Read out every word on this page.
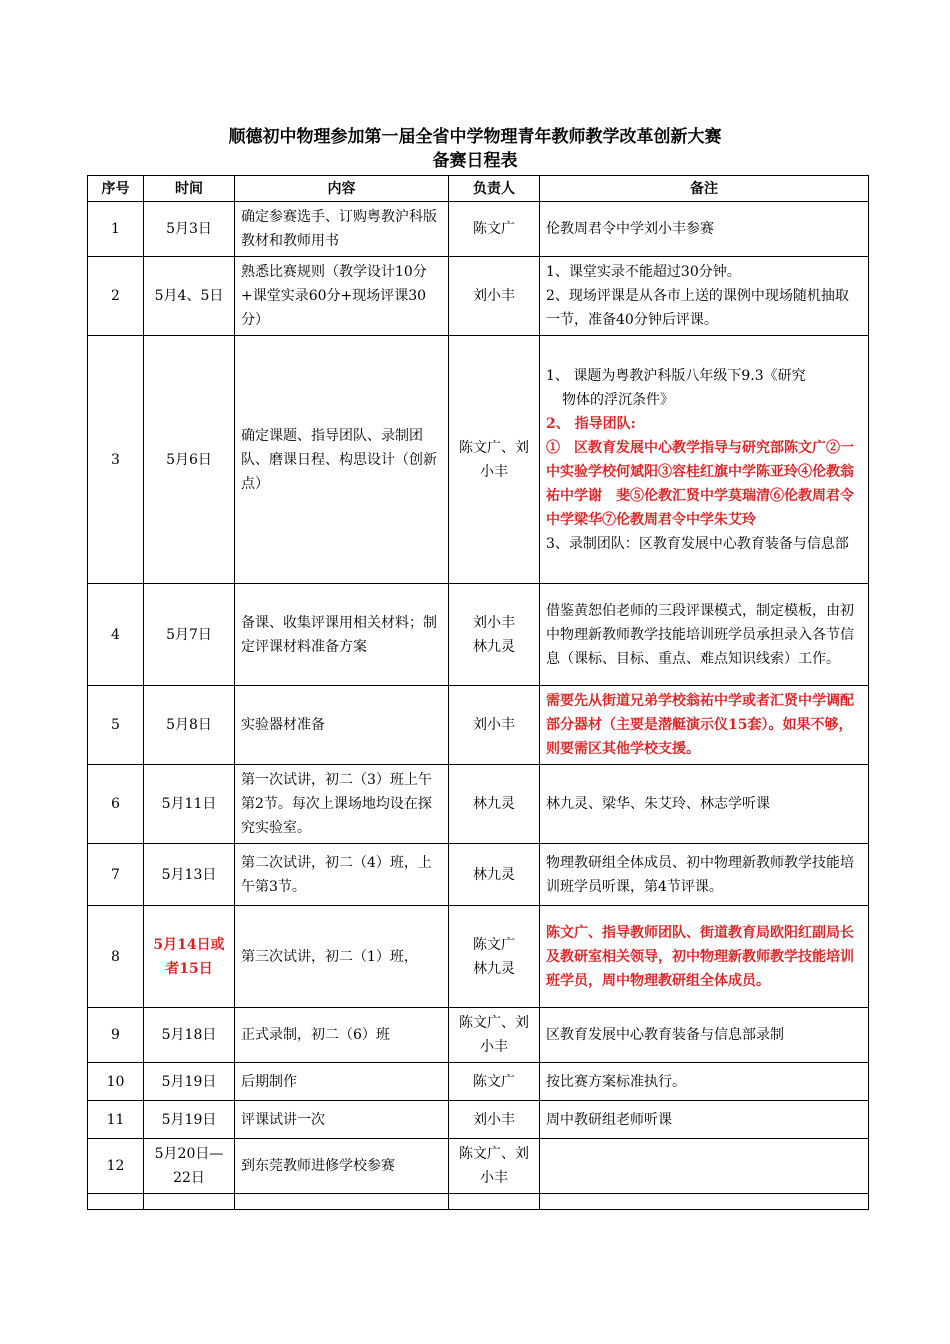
顺德初中物理参加第一届全省中学物理青年教师教学改革创新大赛
备赛日程表
序号	时间	内容	负责人	备注
1	5月3日	确定参赛选手、订购粤教沪科版教材和教师用书	陈文广	伦教周君令中学刘小丰参赛
2	5月4、5日	熟悉比赛规则（教学设计10分+课堂实录60分+现场评课30分）	刘小丰	1、课堂实录不能超过30分钟。
2、现场评课是从各市上送的课例中现场随机抽取一节，准备40分钟后评课。

3	5月6日	确定课题、指导团队、录制团队、磨课日程、构思设计（创新点）	陈文广、刘小丰	1、 课题为粤教沪科版八年级下9.3《研究
物体的浮沉条件》
2、 指导团队:
①　区教育发展中心教学指导与研究部陈文广②一中实验学校何斌阳③容桂红旗中学陈亚玲④伦教翁祐中学谢　斐⑤伦教汇贤中学莫瑞清⑥伦教周君令中学梁华⑦伦教周君令中学朱艾玲
3、录制团队：区教育发展中心教育装备与信息部

4	5月7日	备课、收集评课用相关材料；制定评课材料准备方案	刘小丰
林九灵	借鉴黄恕伯老师的三段评课模式，制定模板，由初中物理新教师教学技能培训班学员承担录入各节信息（课标、目标、重点、难点知识线索）工作。
5	5月8日	实验器材准备	刘小丰	需要先从街道兄弟学校翁祐中学或者汇贤中学调配部分器材（主要是潜艇演示仪15套）。如果不够，则要需区其他学校支援。
6	5月11日	第一次试讲，初二（3）班上午第2节。每次上课场地均设在探究实验室。	林九灵	林九灵、梁华、朱艾玲、林志学听课
7	5月13日	第二次试讲，初二（4）班，上午第3节。	林九灵	物理教研组全体成员、初中物理新教师教学技能培训班学员听课，第4节评课。
8	5月14日或者15日	第三次试讲，初二（1）班，	陈文广
林九灵	陈文广、指导教师团队、街道教育局欧阳红副局长及教研室相关领导，初中物理新教师教学技能培训班学员，周中物理教研组全体成员。
9	5月18日	正式录制，初二（6）班	陈文广、刘小丰	区教育发展中心教育装备与信息部录制
10	5月19日	后期制作	陈文广	按比赛方案标准执行。
11	5月19日	评课试讲一次	刘小丰	周中教研组老师听课
12	5月20日—22日	到东莞教师进修学校参赛	陈文广、刘小丰	
